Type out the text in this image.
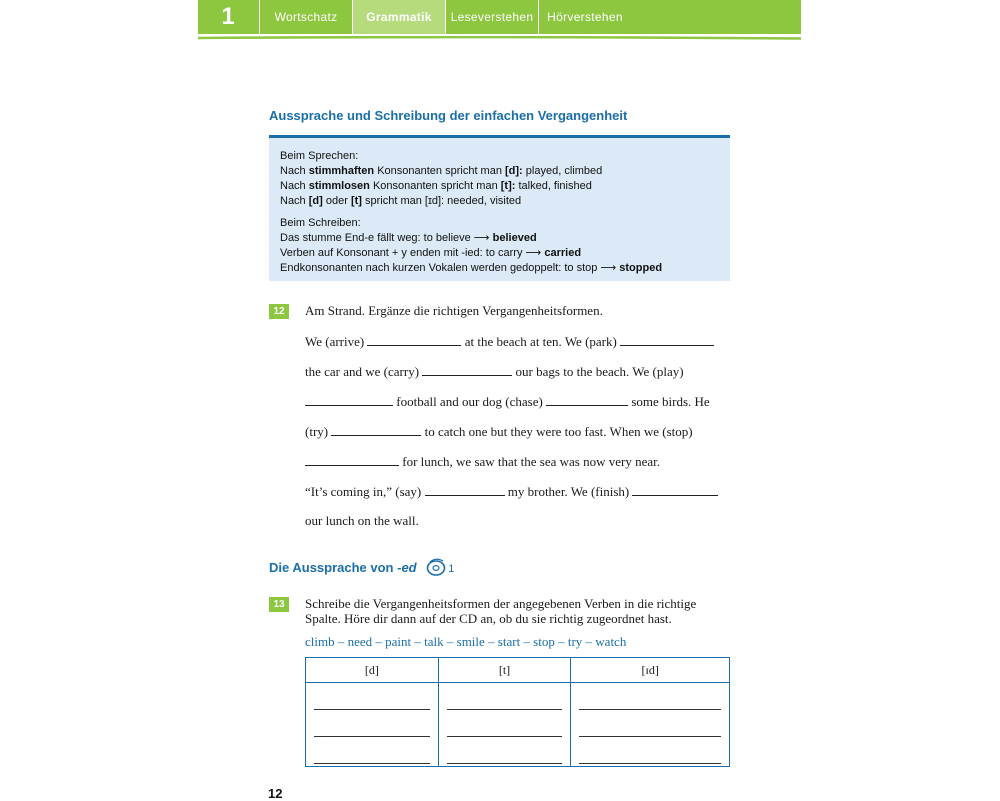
1	Wortschatz	Grammatik	Leseverstehen	Hörverstehen
Aussprache und Schreibung der einfachen Vergangenheit
Beim Sprechen:
Nach stimmhaften Konsonanten spricht man [d]: played, climbed
Nach stimmlosen Konsonanten spricht man [t]: talked, finished
Nach [d] oder [t] spricht man [ɪd]: needed, visited
Beim Schreiben:
Das stumme End-e fällt weg: to believe ⟶ believed
Verben auf Konsonant + y enden mit -ied: to carry ⟶ carried
Endkonsonanten nach kurzen Vokalen werden gedoppelt: to stop ⟶ stopped
12	Am Strand. Ergänze die richtigen Vergangenheitsformen.
We (arrive)	at the beach at ten. We (park)
the car and we (carry)	our bags to the beach. We (play)
football and our dog (chase)	some birds. He
(try)	to catch one but they were too fast. When we (stop)
for lunch, we saw that the sea was now very near.
“It’s coming in,” (say)	my brother. We (finish)
our lunch on the wall.
Die Aussprache von -ed	1
13	Schreibe die Vergangenheitsformen der angegebenen Verben in die richtige
Spalte. Höre dir dann auf der CD an, ob du sie richtig zugeordnet hast.
climb – need – paint – talk – smile – start – stop – try – watch
[d]	[t]	[ɪd]

12
